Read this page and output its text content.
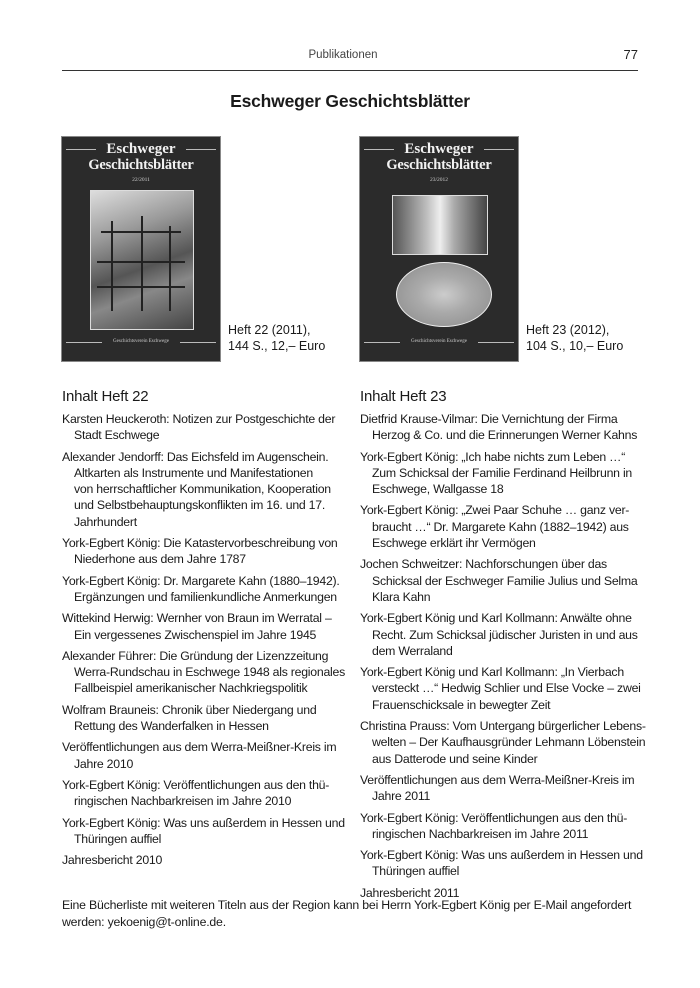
Publikationen	77
Eschweger Geschichtsblätter
Eschweger
Geschichtsblätter
22/2011
Geschichtsverein Eschwege
Heft 22 (2011),
144 S., 12,– Euro
Eschweger
Geschichtsblätter
23/2012
Geschichtsverein Eschwege
Heft 23 (2012),
104 S., 10,– Euro
Inhalt Heft 22
Karsten Heuckeroth: Notizen zur Postgeschichte der
Stadt Eschwege
Alexander Jendorff: Das Eichsfeld im Augenschein.
Altkarten als Instrumente und Manifestationen
von herrschaftlicher Kommunikation, Kooperation
und Selbstbehauptungskonflikten im 16. und 17.
Jahrhundert
York-Egbert König: Die Katastervorbeschreibung von
Niederhone aus dem Jahre 1787
York-Egbert König: Dr. Margarete Kahn (1880–1942).
Ergänzungen und familienkundliche Anmerkungen
Wittekind Herwig: Wernher von Braun im Werratal –
Ein vergessenes Zwischenspiel im Jahre 1945
Alexander Führer: Die Gründung der Lizenzzeitung
Werra-Rundschau in Eschwege 1948 als regionales
Fallbeispiel amerikanischer Nachkriegspolitik
Wolfram Brauneis: Chronik über Niedergang und
Rettung des Wanderfalken in Hessen
Veröffentlichungen aus dem Werra-Meißner-Kreis im
Jahre 2010
York-Egbert König: Veröffentlichungen aus den thü-
ringischen Nachbarkreisen im Jahre 2010
York-Egbert König: Was uns außerdem in Hessen und
Thüringen auffiel
Jahresbericht 2010
Inhalt Heft 23
Dietfrid Krause-Vilmar: Die Vernichtung der Firma
Herzog & Co. und die Erinnerungen Werner Kahns
York-Egbert König: „Ich habe nichts zum Leben …“
Zum Schicksal der Familie Ferdinand Heilbrunn in
Eschwege, Wallgasse 18
York-Egbert König: „Zwei Paar Schuhe … ganz ver-
braucht …“ Dr. Margarete Kahn (1882–1942) aus
Eschwege erklärt ihr Vermögen
Jochen Schweitzer: Nachforschungen über das
Schicksal der Eschweger Familie Julius und Selma
Klara Kahn
York-Egbert König und Karl Kollmann: Anwälte ohne
Recht. Zum Schicksal jüdischer Juristen in und aus
dem Werraland
York-Egbert König und Karl Kollmann: „In Vierbach
versteckt …“ Hedwig Schlier und Else Vocke – zwei
Frauenschicksale in bewegter Zeit
Christina Prauss: Vom Untergang bürgerlicher Lebens-
welten – Der Kaufhausgründer Lehmann Löbenstein
aus Datterode und seine Kinder
Veröffentlichungen aus dem Werra-Meißner-Kreis im
Jahre 2011
York-Egbert König: Veröffentlichungen aus den thü-
ringischen Nachbarkreisen im Jahre 2011
York-Egbert König: Was uns außerdem in Hessen und
Thüringen auffiel
Jahresbericht 2011
Eine Bücherliste mit weiteren Titeln aus der Region kann bei Herrn York-Egbert König per E-Mail angefordert
werden: yekoenig@t-online.de.
